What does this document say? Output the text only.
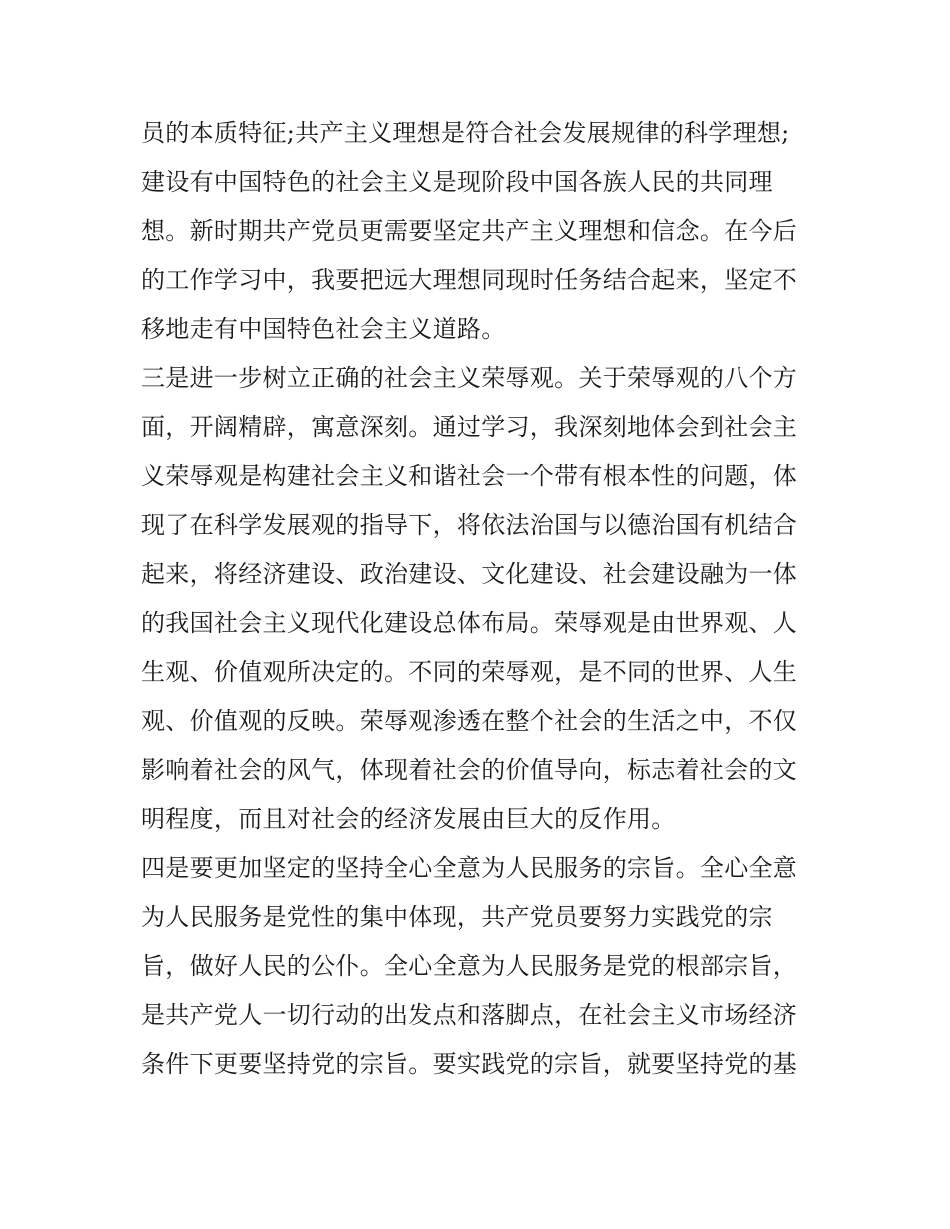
员的本质特征;共产主义理想是符合社会发展规律的科学理想;
建设有中国特色的社会主义是现阶段中国各族人民的共同理
想。新时期共产党员更需要坚定共产主义理想和信念。在今后
的工作学习中，我要把远大理想同现时任务结合起来，坚定不
移地走有中国特色社会主义道路。
三是进一步树立正确的社会主义荣辱观。关于荣辱观的八个方
面，开阔精辟，寓意深刻。通过学习，我深刻地体会到社会主
义荣辱观是构建社会主义和谐社会一个带有根本性的问题，体
现了在科学发展观的指导下，将依法治国与以德治国有机结合
起来，将经济建设、政治建设、文化建设、社会建设融为一体
的我国社会主义现代化建设总体布局。荣辱观是由世界观、人
生观、价值观所决定的。不同的荣辱观，是不同的世界、人生
观、价值观的反映。荣辱观渗透在整个社会的生活之中，不仅
影响着社会的风气，体现着社会的价值导向，标志着社会的文
明程度，而且对社会的经济发展由巨大的反作用。
四是要更加坚定的坚持全心全意为人民服务的宗旨。全心全意
为人民服务是党性的集中体现，共产党员要努力实践党的宗
旨，做好人民的公仆。全心全意为人民服务是党的根部宗旨，
是共产党人一切行动的出发点和落脚点，在社会主义市场经济
条件下更要坚持党的宗旨。要实践党的宗旨，就要坚持党的基
